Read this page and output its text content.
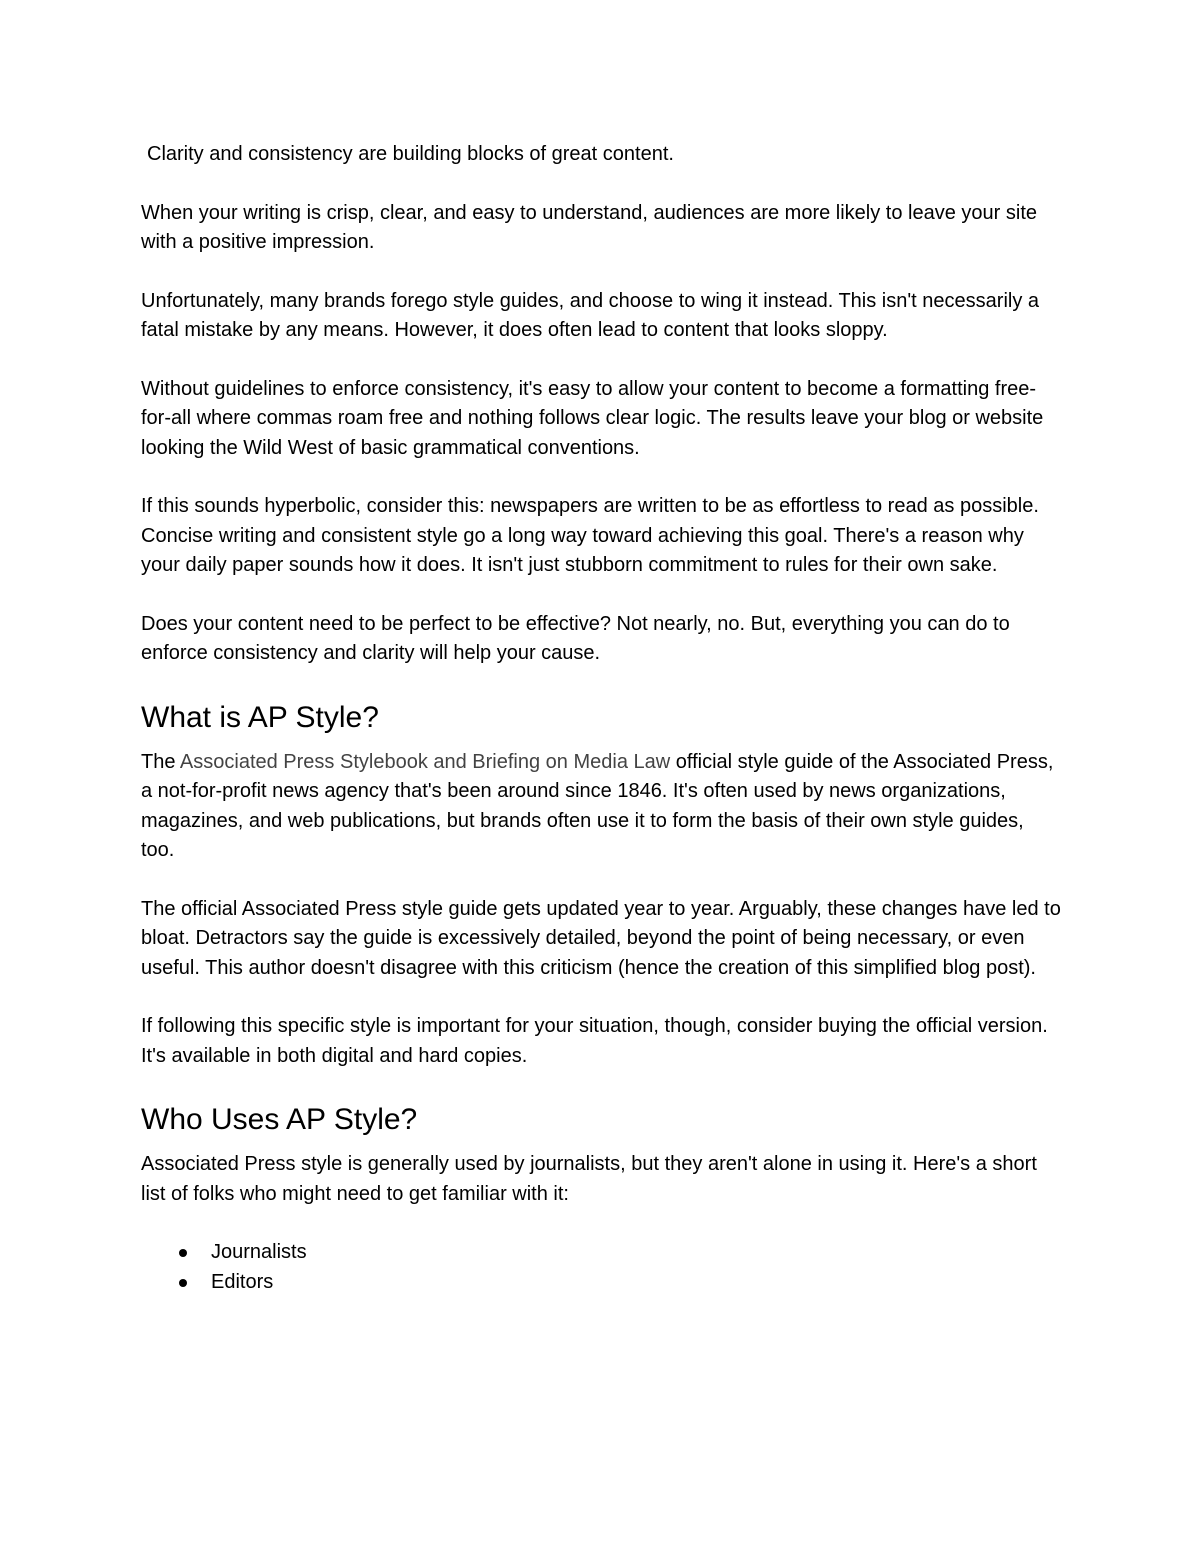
Clarity and consistency are building blocks of great content.

When your writing is crisp, clear, and easy to understand, audiences are more likely to leave your site with a positive impression.

Unfortunately, many brands forego style guides, and choose to wing it instead. This isn't necessarily a fatal mistake by any means. However, it does often lead to content that looks sloppy.

Without guidelines to enforce consistency, it's easy to allow your content to become a formatting free-for-all where commas roam free and nothing follows clear logic. The results leave your blog or website looking the Wild West of basic grammatical conventions.

If this sounds hyperbolic, consider this: newspapers are written to be as effortless to read as possible. Concise writing and consistent style go a long way toward achieving this goal. There's a reason why your daily paper sounds how it does. It isn't just stubborn commitment to rules for their own sake.

Does your content need to be perfect to be effective? Not nearly, no. But, everything you can do to enforce consistency and clarity will help your cause.

What is AP Style?

The Associated Press Stylebook and Briefing on Media Law official style guide of the Associated Press, a not-for-profit news agency that's been around since 1846. It's often used by news organizations, magazines, and web publications, but brands often use it to form the basis of their own style guides, too.

The official Associated Press style guide gets updated year to year. Arguably, these changes have led to bloat. Detractors say the guide is excessively detailed, beyond the point of being necessary, or even useful. This author doesn't disagree with this criticism (hence the creation of this simplified blog post).

If following this specific style is important for your situation, though, consider buying the official version. It's available in both digital and hard copies.

Who Uses AP Style?

Associated Press style is generally used by journalists, but they aren't alone in using it. Here's a short list of folks who might need to get familiar with it:

Journalists
Editors
